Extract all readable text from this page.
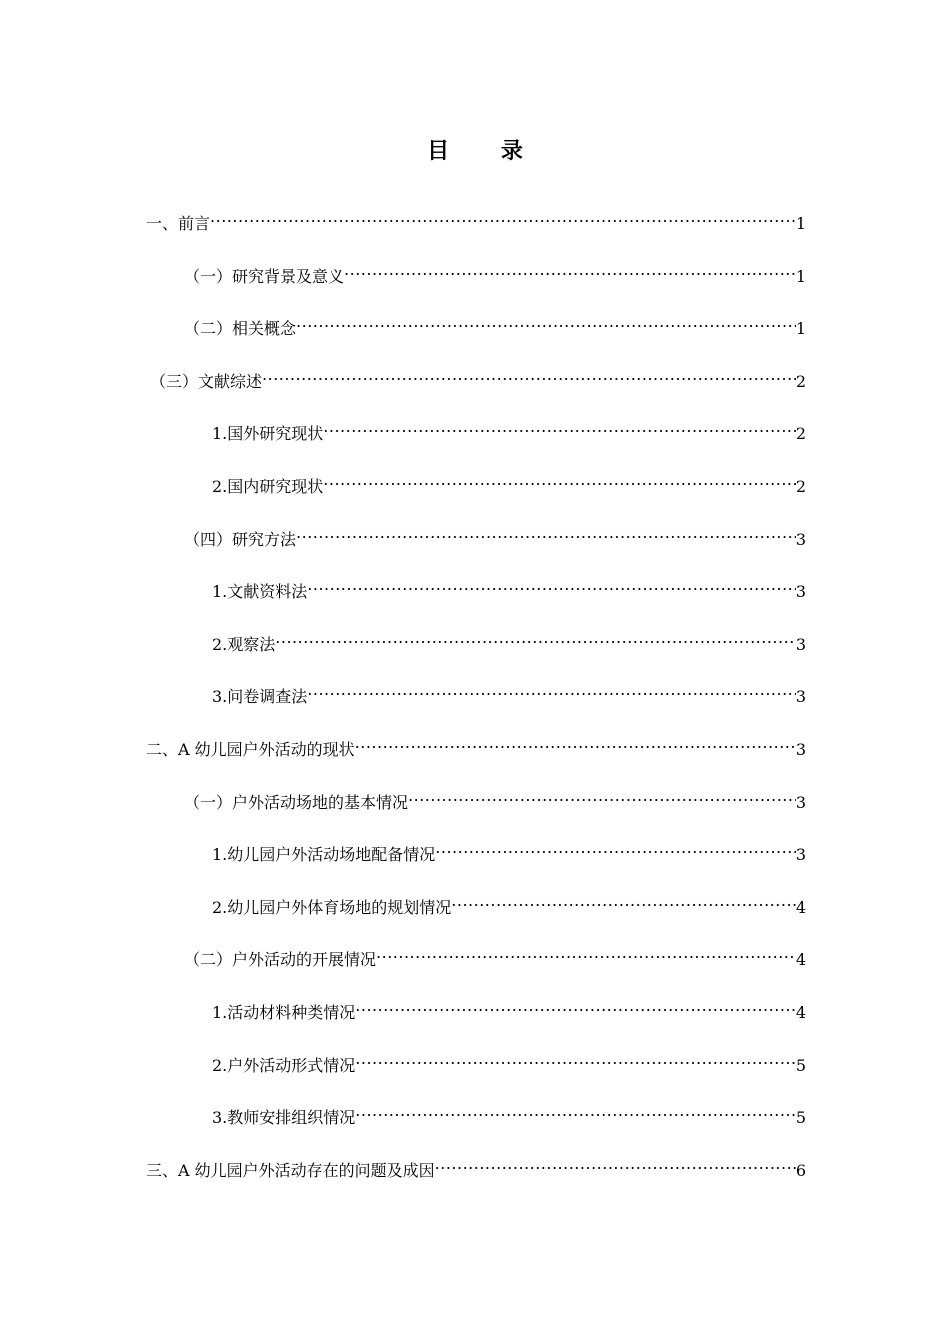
目 录
一、前言 .....	1
（一）研究背景及意义 .....	1
（二）相关概念 .....	1
（三）文献综述 .....	2
1.国外研究现状 .....	2
2.国内研究现状 .....	2
（四）研究方法 .....	3
1.文献资料法 .....	3
2.观察法 .....	3
3.问卷调查法 .....	3
二、A 幼儿园户外活动的现状 .....	3
（一）户外活动场地的基本情况 .....	3
1.幼儿园户外活动场地配备情况 .....	3
2.幼儿园户外体育场地的规划情况 .....	4
（二）户外活动的开展情况 .....	4
1.活动材料种类情况 .....	4
2.户外活动形式情况 .....	5
3.教师安排组织情况 .....	5
三、A 幼儿园户外活动存在的问题及成因 .....	6
